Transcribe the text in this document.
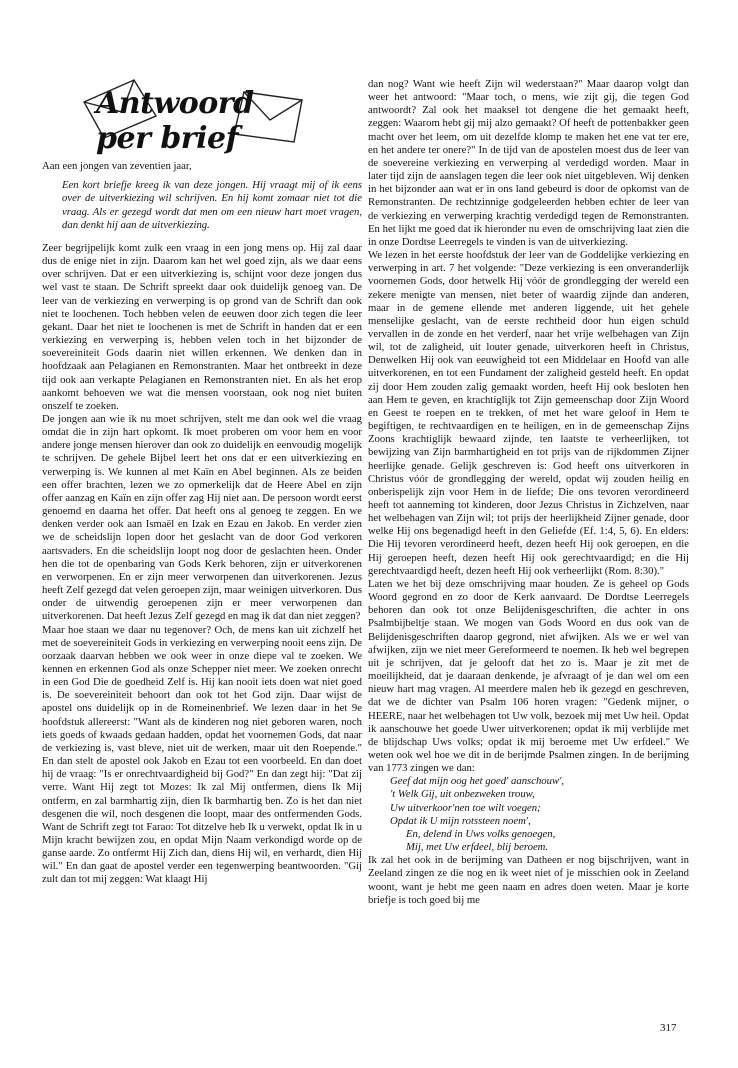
Antwoord per brief

Aan een jongen van zeventien jaar,

Een kort briefje kreeg ik van deze jongen. Hij vraagt mij of ik eens over de uitverkiezing wil schrijven. En hij komt zomaar niet tot die vraag. Als er gezegd wordt dat men om een nieuw hart moet vragen, dan denkt hij aan de uitverkiezing.

Zeer begrijpelijk komt zulk een vraag in een jong mens op. Hij zal daar dus de enige niet in zijn. Daarom kan het wel goed zijn, als we daar eens over schrijven. Dat er een uitverkiezing is, schijnt voor deze jongen dus wel vast te staan. De Schrift spreekt daar ook duidelijk genoeg van. De leer van de verkiezing en verwerping is op grond van de Schrift dan ook niet te loochenen. Toch hebben velen de eeuwen door zich tegen die leer gekant. Daar het niet te loochenen is met de Schrift in handen dat er een verkiezing en verwerping is, hebben velen toch in het bijzonder de soevereiniteit Gods daarin niet willen erkennen. We denken dan in hoofdzaak aan Pelagianen en Remonstranten. Maar het ontbreekt in deze tijd ook aan verkapte Pelagianen en Remonstranten niet. En als het erop aankomt behoeven we wat die mensen voorstaan, ook nog niet buiten onszelf te zoeken.

De jongen aan wie ik nu moet schrijven, stelt me dan ook wel die vraag omdat die in zijn hart opkomt. Ik moet proberen om voor hem en voor andere jonge mensen hierover dan ook zo duidelijk en eenvoudig mogelijk te schrijven. De gehele Bijbel leert het ons dat er een uitverkiezing en verwerping is. We kunnen al met Kaïn en Abel beginnen. Als ze beiden een offer brachten, lezen we zo opmerkelijk dat de Heere Abel en zijn offer aanzag en Kaïn en zijn offer zag Hij niet aan. De persoon wordt eerst genoemd en daarna het offer. Dat heeft ons al genoeg te zeggen. En we denken verder ook aan Ismaël en Izak en Ezau en Jakob. En verder zien we de scheidslijn lopen door het geslacht van de door God verkoren aartsvaders. En die scheidslijn loopt nog door de geslachten heen. Onder hen die tot de openbaring van Gods Kerk behoren, zijn er uitverkorenen en verworpenen. En er zijn meer verworpenen dan uitverkorenen. Jezus heeft Zelf gezegd dat velen geroepen zijn, maar weinigen uitverkoren. Dus onder de uitwendig geroepenen zijn er meer verworpenen dan uitverkorenen. Dat heeft Jezus Zelf gezegd en mag ik dat dan niet zeggen?

Maar hoe staan we daar nu tegenover? Och, de mens kan uit zichzelf het met de soevereiniteit Gods in verkiezing en verwerping nooit eens zijn. De oorzaak daarvan hebben we ook weer in onze diepe val te zoeken. We kennen en erkennen God als onze Schepper niet meer. We zoeken onrecht in een God Die de goedheid Zelf is. Hij kan nooit iets doen wat niet goed is. De soevereiniteit behoort dan ook tot het God zijn. Daar wijst de apostel ons duidelijk op in de Romeinenbrief. We lezen daar in het 9e hoofdstuk allereerst: "Want als de kinderen nog niet geboren waren, noch iets goeds of kwaads gedaan hadden, opdat het voornemen Gods, dat naar de verkiezing is, vast bleve, niet uit de werken, maar uit den Roepende." En dan stelt de apostel ook Jakob en Ezau tot een voorbeeld. En dan doet hij de vraag: "Is er onrechtvaardigheid bij God?" En dan zegt hij: "Dat zij verre. Want Hij zegt tot Mozes: Ik zal Mij ontfermen, diens Ik Mij ontferm, en zal barmhartig zijn, dien Ik barmhartig ben. Zo is het dan niet desgenen die wil, noch desgenen die loopt, maar des ontfermenden Gods. Want de Schrift zegt tot Farao: Tot ditzelve heb Ik u verwekt, opdat Ik in u Mijn kracht bewijzen zou, en opdat Mijn Naam verkondigd worde op de ganse aarde. Zo ontfermt Hij Zich dan, diens Hij wil, en verhardt, dien Hij wil." En dan gaat de apostel verder een tegenwerping beantwoorden. "Gij zult dan tot mij zeggen: Wat klaagt Hij

dan nog? Want wie heeft Zijn wil wederstaan?" Maar daarop volgt dan weer het antwoord: "Maar toch, o mens, wie zijt gij, die tegen God antwoordt? Zal ook het maaksel tot dengene die het gemaakt heeft, zeggen: Waarom hebt gij mij alzo gemaakt? Of heeft de pottenbakker geen macht over het leem, om uit dezelfde klomp te maken het ene vat ter ere, en het andere ter onere?" In de tijd van de apostelen moest dus de leer van de soevereine verkiezing en verwerping al verdedigd worden. Maar in later tijd zijn de aanslagen tegen die leer ook niet uitgebleven. Wij denken in het bijzonder aan wat er in ons land gebeurd is door de opkomst van de Remonstranten. De rechtzinnige godgeleerden hebben echter de leer van de verkiezing en verwerping krachtig verdedigd tegen de Remonstranten. En het lijkt me goed dat ik hieronder nu even de omschrijving laat zien die in onze Dordtse Leerregels te vinden is van de uitverkiezing.

We lezen in het eerste hoofdstuk der leer van de Goddelijke verkiezing en verwerping in art. 7 het volgende: "Deze verkiezing is een onveranderlijk voornemen Gods, door hetwelk Hij vóór de grondlegging der wereld een zekere menigte van mensen, niet beter of waardig zijnde dan anderen, maar in de gemene ellende met anderen liggende, uit het gehele menselijke geslacht, van de eerste rechtheid door hun eigen schuld vervallen in de zonde en het verderf, naar het vrije welbehagen van Zijn wil, tot de zaligheid, uit louter genade, uitverkoren heeft in Christus, Denwelken Hij ook van eeuwigheid tot een Middelaar en Hoofd van alle uitverkorenen, en tot een Fundament der zaligheid gesteld heeft. En opdat zij door Hem zouden zalig gemaakt worden, heeft Hij ook besloten hen aan Hem te geven, en krachtiglijk tot Zijn gemeenschap door Zijn Woord en Geest te roepen en te trekken, of met het ware geloof in Hem te begiftigen, te rechtvaardigen en te heiligen, en in de gemeenschap Zijns Zoons krachtiglijk bewaard zijnde, ten laatste te verheerlijken, tot bewijzing van Zijn barmhartigheid en tot prijs van de rijkdommen Zijner heerlijke genade. Gelijk geschreven is: God heeft ons uitverkoren in Christus vóór de grondlegging der wereld, opdat wij zouden heilig en onberispelijk zijn voor Hem in de liefde; Die ons tevoren verordineerd heeft tot aanneming tot kinderen, door Jezus Christus in Zichzelven, naar het welbehagen van Zijn wil; tot prijs der heerlijkheid Zijner genade, door welke Hij ons begenadigd heeft in den Geliefde (Ef. 1:4, 5, 6). En elders: Die Hij tevoren verordineerd heeft, dezen heeft Hij ook geroepen, en die Hij geroepen heeft, dezen heeft Hij ook gerechtvaardigd; en die Hij gerechtvaardigd heeft, dezen heeft Hij ook verheerlijkt (Rom. 8:30)."

Laten we het bij deze omschrijving maar houden. Ze is geheel op Gods Woord gegrond en zo door de Kerk aanvaard. De Dordtse Leerregels behoren dan ook tot onze Belijdenisgeschriften, die achter in ons Psalmbijbeltje staan. We mogen van Gods Woord en dus ook van de Belijdenisgeschriften daarop gegrond, niet afwijken. Als we er wel van afwijken, zijn we niet meer Gereformeerd te noemen. Ik heb wel begrepen uit je schrijven, dat je gelooft dat het zo is. Maar je zit met de moeilijkheid, dat je daaraan denkende, je afvraagt of je dan wel om een nieuw hart mag vragen. Al meerdere malen heb ik gezegd en geschreven, dat we de dichter van Psalm 106 horen vragen: "Gedenk mijner, o HEERE, naar het welbehagen tot Uw volk, bezoek mij met Uw heil. Opdat ik aanschouwe het goede Uwer uitverkorenen; opdat ik mij verblijde met de blijdschap Uws volks; opdat ik mij beroeme met Uw erfdeel." We weten ook wel hoe we dit in de berijmde Psalmen zingen. In de berijming van 1773 zingen we dan:

Geef dat mijn oog het goed' aanschouw',
't Welk Gij, uit onbezweken trouw,
Uw uitverkoor'nen toe wilt voegen;
Opdat ik U mijn rotssteen noem',
En, delend in Uws volks genoegen,
Mij, met Uw erfdeel, blij beroem.

Ik zal het ook in de berijming van Datheen er nog bijschrijven, want in Zeeland zingen ze die nog en ik weet niet of je misschien ook in Zeeland woont, want je hebt me geen naam en adres doen weten. Maar je korte briefje is toch goed bij me

317
